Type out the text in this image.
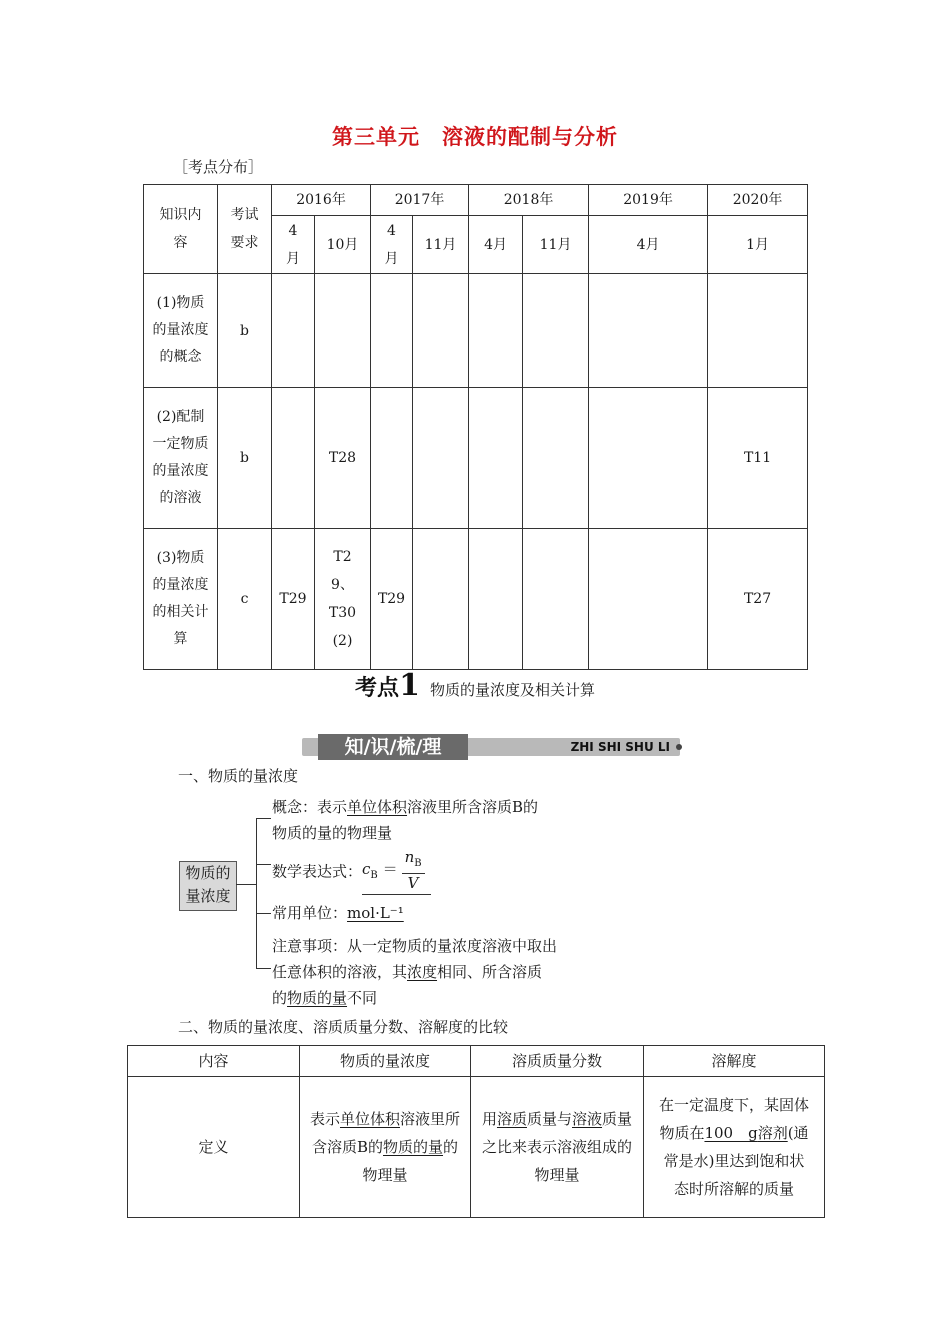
第三单元　溶液的配制与分析
［考点分布］
知识内容	考试要求	2016年		2017年		2018年		2019年	2020年

		4月	10月	4月	11月	4月	11月	4月	1月

(1)物质的量浓度的概念	b								

(2)配制一定物质的量浓度的溶液	b		T28						T11

(3)物质的量浓度的相关计算	c	T29	T29、T30(2)	T29					T27
考点1 物质的量浓度及相关计算
知/识/梳/理	ZHI SHI SHU LI
一、物质的量浓度
物质的量浓度
概念：表示单位体积溶液里所含溶质B的
物质的量的物理量
数学表达式：$c_B = \frac{n_B}{V}$
常用单位：mol·L⁻¹
注意事项：从一定物质的量浓度溶液中取出
任意体积的溶液，其浓度相同、所含溶质
的物质的量不同
二、物质的量浓度、溶质质量分数、溶解度的比较
内容	物质的量浓度	溶质质量分数	溶解度
定义	表示单位体积溶液里所含溶质B的物质的量的物理量	用溶质质量与溶液质量之比来表示溶液组成的物理量	在一定温度下，某固体物质在100　g溶剂(通常是水)里达到饱和状态时所溶解的质量
